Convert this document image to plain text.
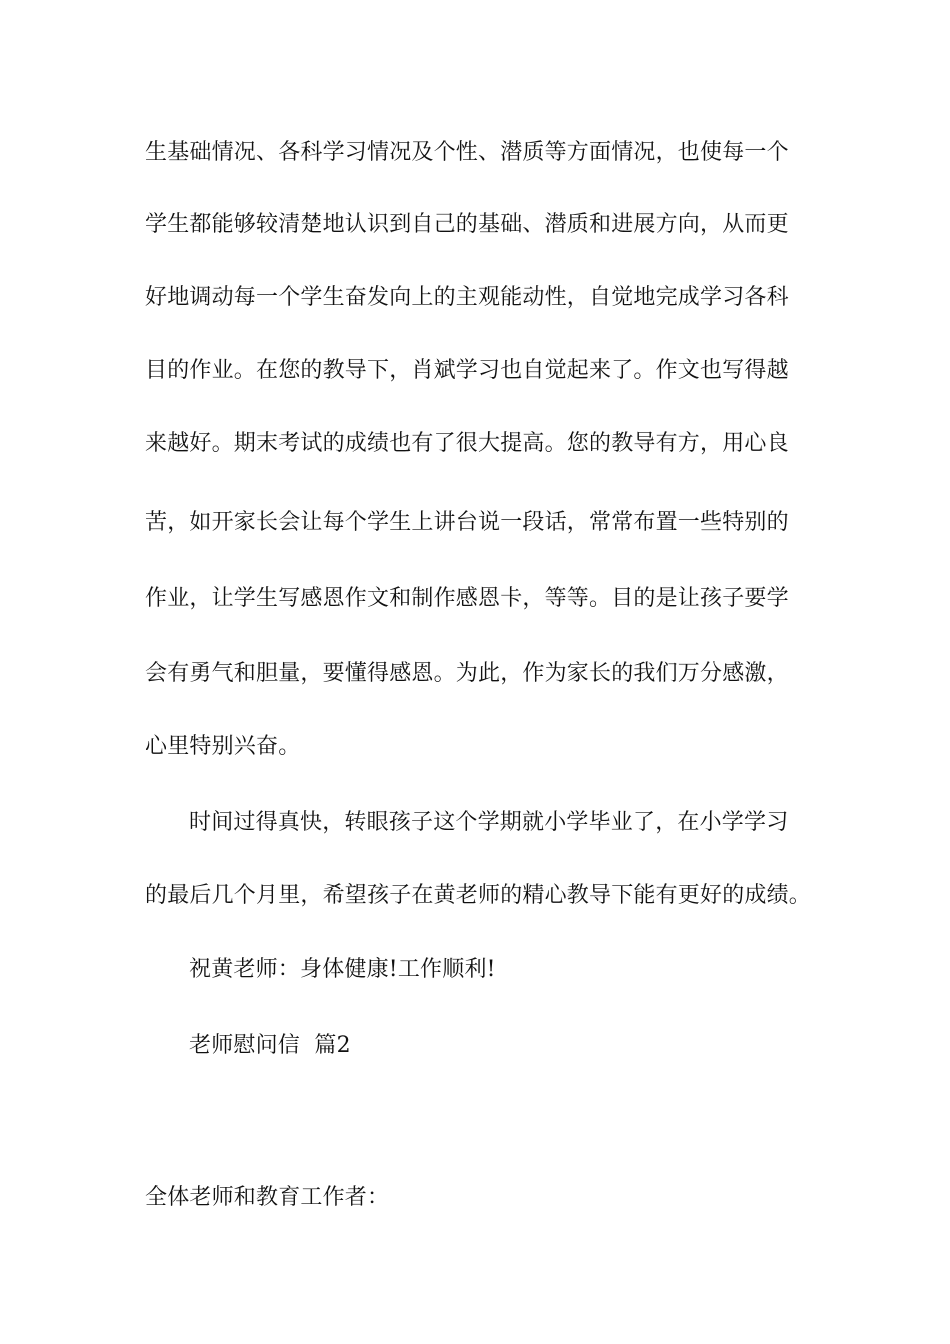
生基础情况、各科学习情况及个性、潜质等方面情况，也使每一个
学生都能够较清楚地认识到自己的基础、潜质和进展方向，从而更
好地调动每一个学生奋发向上的主观能动性，自觉地完成学习各科
目的作业。在您的教导下，肖斌学习也自觉起来了。作文也写得越
来越好。期末考试的成绩也有了很大提高。您的教导有方，用心良
苦，如开家长会让每个学生上讲台说一段话，常常布置一些特别的
作业，让学生写感恩作文和制作感恩卡，等等。目的是让孩子要学
会有勇气和胆量，要懂得感恩。为此，作为家长的我们万分感激，
心里特别兴奋。
时间过得真快，转眼孩子这个学期就小学毕业了，在小学学习
的最后几个月里，希望孩子在黄老师的精心教导下能有更好的成绩。
祝黄老师：身体健康!工作顺利!
老师慰问信  篇2
全体老师和教育工作者：
